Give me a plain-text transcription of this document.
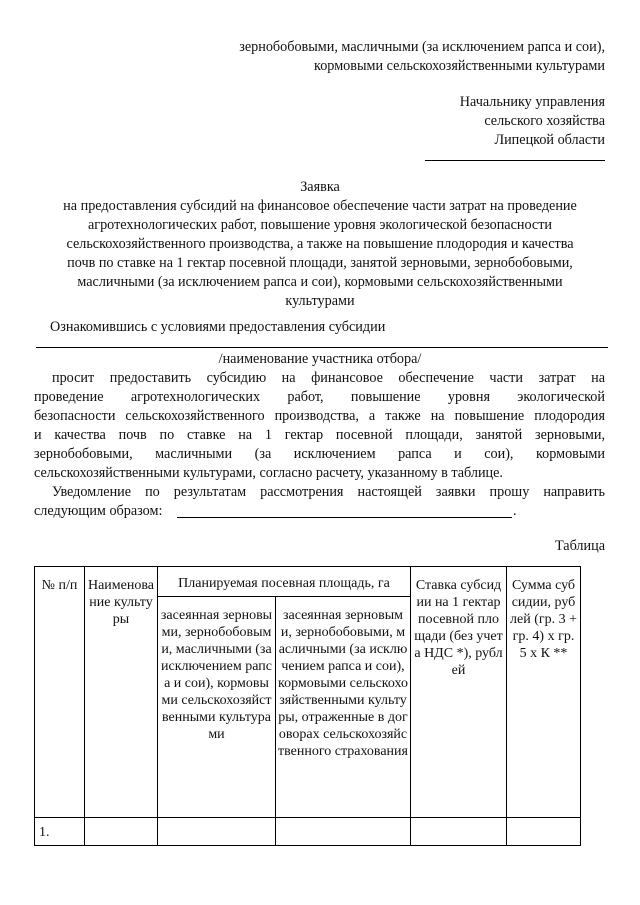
зернобобовыми, масличными (за исключением рапса и сои),
кормовыми сельскохозяйственными культурами
Начальнику управления
сельского хозяйства
Липецкой области
Заявка
на предоставления субсидий на финансовое обеспечение части затрат на проведение
агротехнологических работ, повышение уровня экологической безопасности
сельскохозяйственного производства, а также на повышение плодородия и качества
почв по ставке на 1 гектар посевной площади, занятой зерновыми, зернобобовыми,
масличными (за исключением рапса и сои), кормовыми сельскохозяйственными
культурами
Ознакомившись с условиями предоставления субсидии
/наименование участника отбора/
просит предоставить субсидию на финансовое обеспечение части затрат на
проведение агротехнологических работ, повышение уровня экологической
безопасности сельскохозяйственного производства, а также на повышение плодородия
и качества почв по ставке на 1 гектар посевной площади, занятой зерновыми,
зернобобовыми, масличными (за исключением рапса и сои), кормовыми
сельскохозяйственными культурами, согласно расчету, указанному в таблице.
Уведомление по результатам рассмотрения настоящей заявки прошу направить
следующим образом:	.
Таблица
№ п/п	Наименование культуры	Планируемая посевная площадь, га		Ставка субсидии на 1 гектар посевной площади (без учета НДС *), рублей	Сумма субсидии, рублей (гр. 3 + гр. 4) х гр. 5 х К **
		засеянная зерновыми, зернобобовыми, масличными (за исключением рапса и сои), кормовыми сельскохозяйственными культурами	засеянная зерновыми, зернобобовыми, масличными (за исключением рапса и сои), кормовыми сельскохозяйственными культуры, отраженные в договорах сельскохозяйственного страхования		
1.					
